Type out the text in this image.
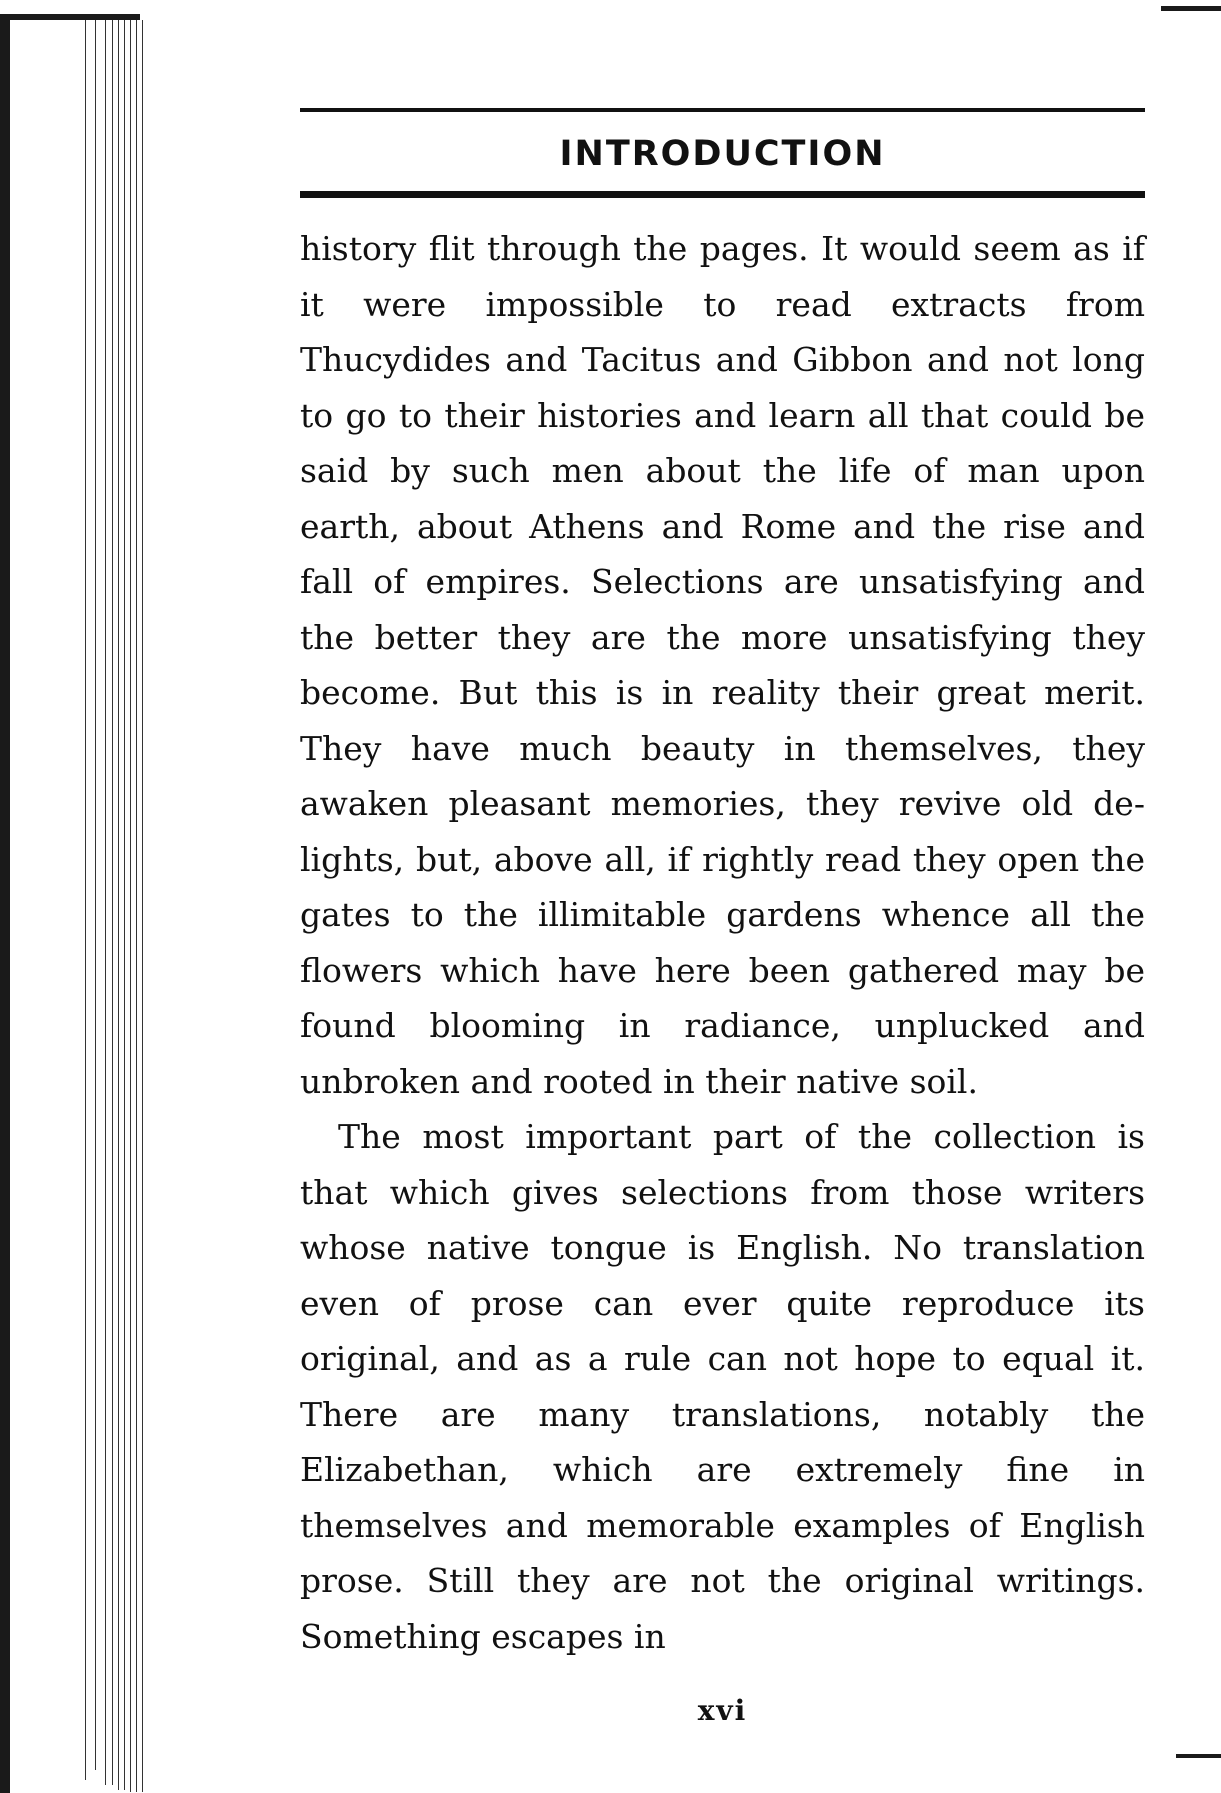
INTRODUCTION

history flit through the pages. It would seem as if it were impossible to read extracts from Thucydides and Tacitus and Gibbon and not long to go to their histories and learn all that could be said by such men about the life of man upon earth, about Athens and Rome and the rise and fall of empires. Selections are unsatisfying and the better they are the more unsatisfying they become. But this is in reality their great merit. They have much beauty in themselves, they awaken pleasant memories, they revive old delights, but, above all, if rightly read they open the gates to the illimitable gardens whence all the flowers which have here been gathered may be found blooming in radiance, unplucked and unbroken and rooted in their native soil.

The most important part of the collection is that which gives selections from those writers whose native tongue is English. No translation even of prose can ever quite reproduce its original, and as a rule can not hope to equal it. There are many translations, notably the Elizabethan, which are extremely fine in themselves and memorable examples of English prose. Still they are not the original writings. Something escapes in

xvi
